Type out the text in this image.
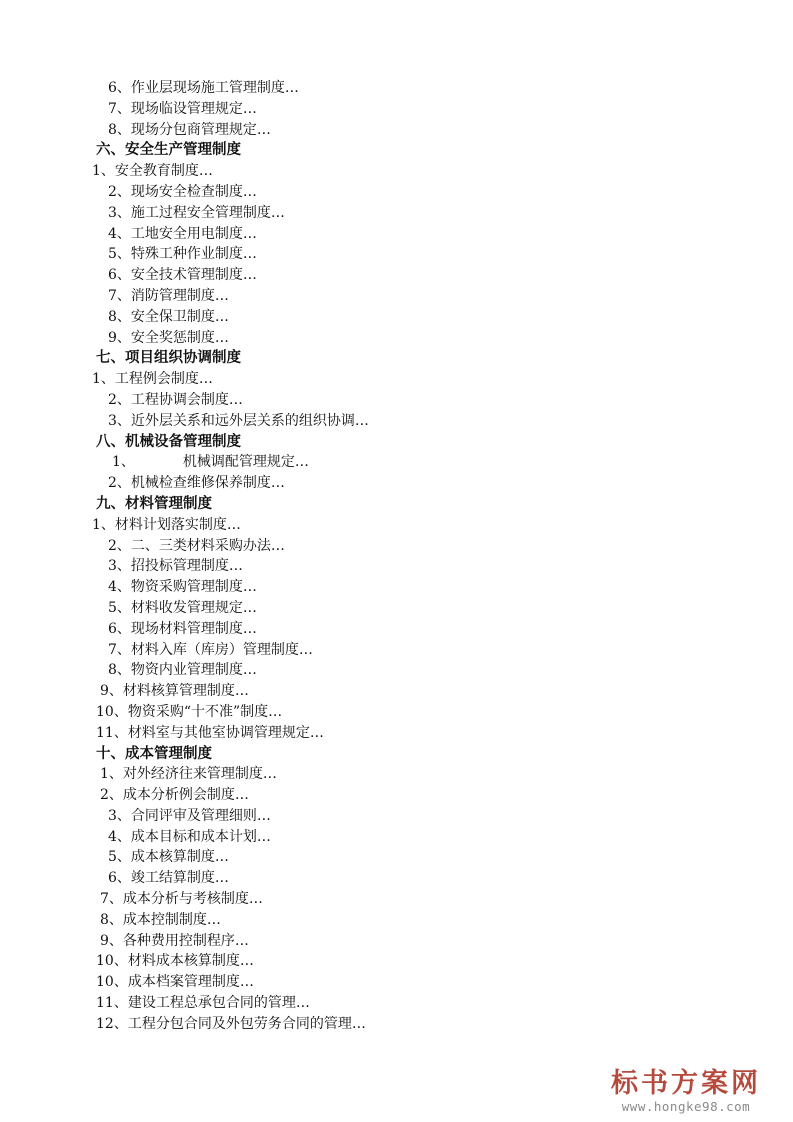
6、作业层现场施工管理制度…
7、现场临设管理规定…
8、现场分包商管理规定…
六、安全生产管理制度
1、安全教育制度…
2、现场安全检查制度…
3、施工过程安全管理制度…
4、工地安全用电制度…
5、特殊工种作业制度…
6、安全技术管理制度…
7、消防管理制度…
8、安全保卫制度…
9、安全奖惩制度…
七、项目组织协调制度
1、工程例会制度…
2、工程协调会制度…
3、近外层关系和远外层关系的组织协调…
八、机械设备管理制度
1、	机械调配管理规定…
2、机械检查维修保养制度…
九、材料管理制度
1、材料计划落实制度…
2、二、三类材料采购办法…
3、招投标管理制度…
4、物资采购管理制度…
5、材料收发管理规定…
6、现场材料管理制度…
7、材料入库（库房）管理制度…
8、物资内业管理制度…
9、材料核算管理制度…
10、物资采购“十不准”制度…
11、材料室与其他室协调管理规定…
十、成本管理制度
1、对外经济往来管理制度…
2、成本分析例会制度…
3、合同评审及管理细则…
4、成本目标和成本计划…
5、成本核算制度…
6、竣工结算制度…
7、成本分析与考核制度…
8、成本控制制度…
9、各种费用控制程序…
10、材料成本核算制度…
10、成本档案管理制度…
11、建设工程总承包合同的管理…
12、工程分包合同及外包劳务合同的管理…
标书方案网
www.hongke98.com
